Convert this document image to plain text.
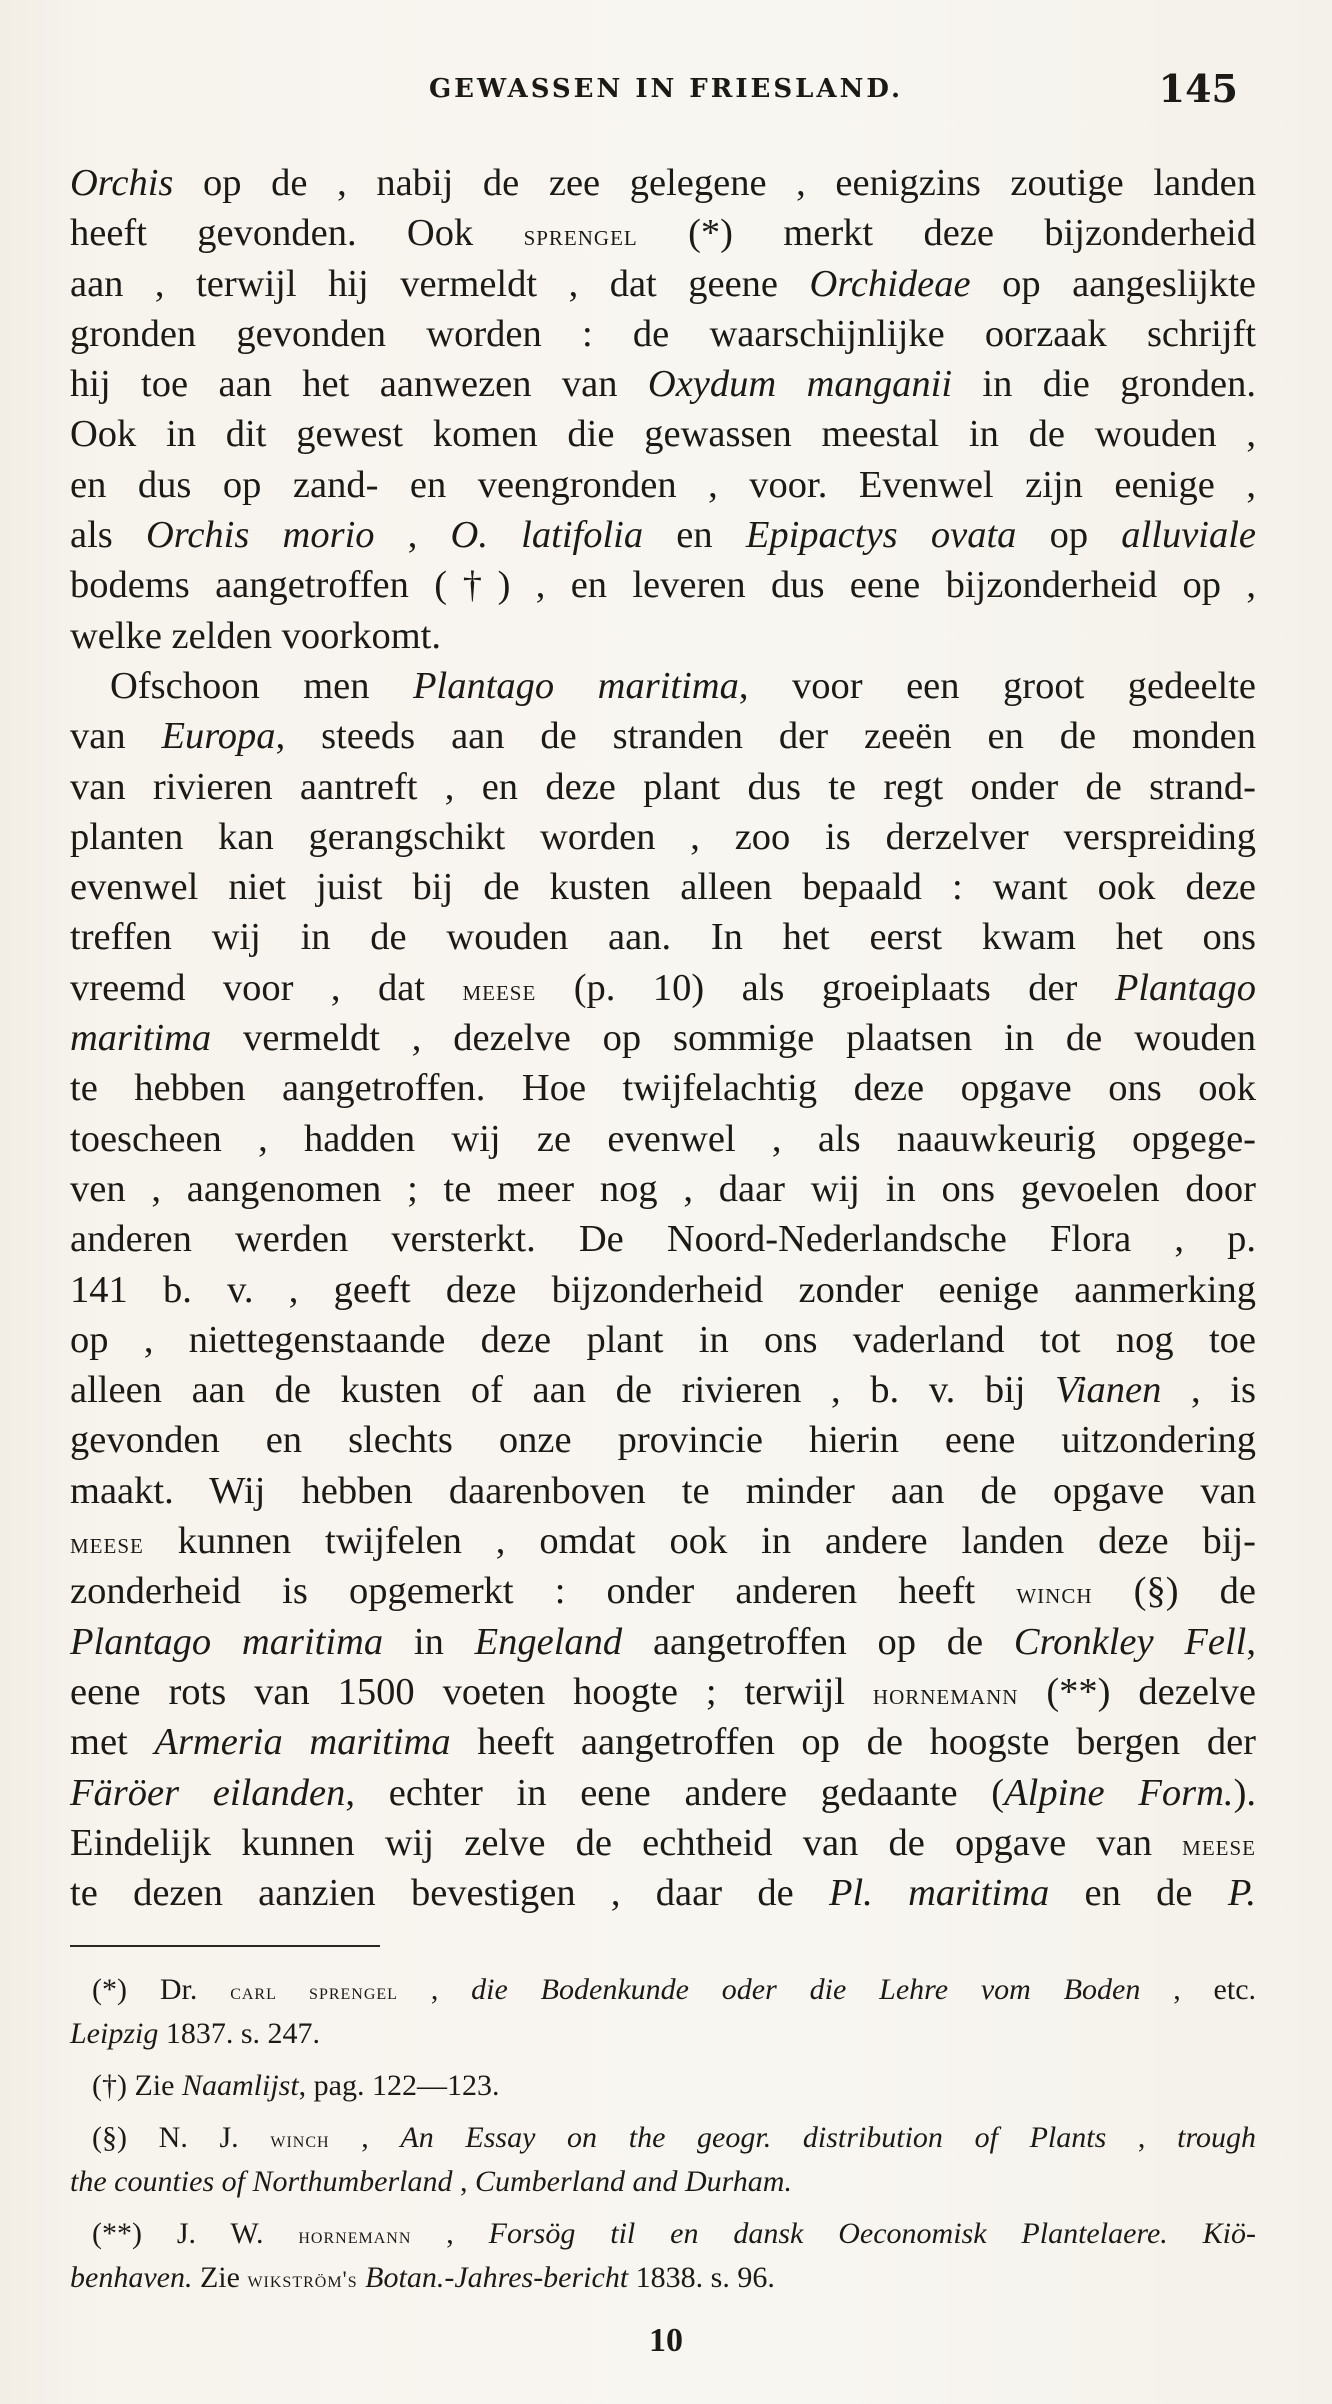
GEWASSEN IN FRIESLAND.	145
Orchis op de , nabij de zee gelegene , eenigzins zoutige landen
heeft gevonden. Ook sprengel (*) merkt deze bijzonderheid
aan , terwijl hij vermeldt , dat geene Orchideae op aangeslijkte
gronden gevonden worden : de waarschijnlijke oorzaak schrijft
hij toe aan het aanwezen van Oxydum manganii in die gronden.
Ook in dit gewest komen die gewassen meestal in de wouden ,
en dus op zand- en veengronden , voor. Evenwel zijn eenige ,
als Orchis morio , O. latifolia en Epipactys ovata op alluviale
bodems aangetroffen (†) , en leveren dus eene bijzonderheid op ,
welke zelden voorkomt.
Ofschoon men Plantago maritima, voor een groot gedeelte
van Europa, steeds aan de stranden der zeeën en de monden
van rivieren aantreft , en deze plant dus te regt onder de strand-
planten kan gerangschikt worden , zoo is derzelver verspreiding
evenwel niet juist bij de kusten alleen bepaald : want ook deze
treffen wij in de wouden aan. In het eerst kwam het ons
vreemd voor , dat meese (p. 10) als groeiplaats der Plantago
maritima vermeldt , dezelve op sommige plaatsen in de wouden
te hebben aangetroffen. Hoe twijfelachtig deze opgave ons ook
toescheen , hadden wij ze evenwel , als naauwkeurig opgege-
ven , aangenomen ; te meer nog , daar wij in ons gevoelen door
anderen werden versterkt. De Noord-Nederlandsche Flora , p.
141 b. v. , geeft deze bijzonderheid zonder eenige aanmerking
op , niettegenstaande deze plant in ons vaderland tot nog toe
alleen aan de kusten of aan de rivieren , b. v. bij Vianen , is
gevonden en slechts onze provincie hierin eene uitzondering
maakt. Wij hebben daarenboven te minder aan de opgave van
meese kunnen twijfelen , omdat ook in andere landen deze bij-
zonderheid is opgemerkt : onder anderen heeft winch (§) de
Plantago maritima in Engeland aangetroffen op de Cronkley Fell,
eene rots van 1500 voeten hoogte ; terwijl hornemann (**) dezelve
met Armeria maritima heeft aangetroffen op de hoogste bergen der
Färöer eilanden, echter in eene andere gedaante (Alpine Form.).
Eindelijk kunnen wij zelve de echtheid van de opgave van meese
te dezen aanzien bevestigen , daar de Pl. maritima en de P.
(*) Dr. carl sprengel , die Bodenkunde oder die Lehre vom Boden , etc.
Leipzig 1837. s. 247.
(†) Zie Naamlijst, pag. 122—123.
(§) N. J. winch , An Essay on the geogr. distribution of Plants , trough
the counties of Northumberland , Cumberland and Durham.
(**) J. W. hornemann , Forsög til en dansk Oeconomisk Plantelaere. Kiö-
benhaven. Zie wikström's Botan.-Jahres-bericht 1838. s. 96.
10
